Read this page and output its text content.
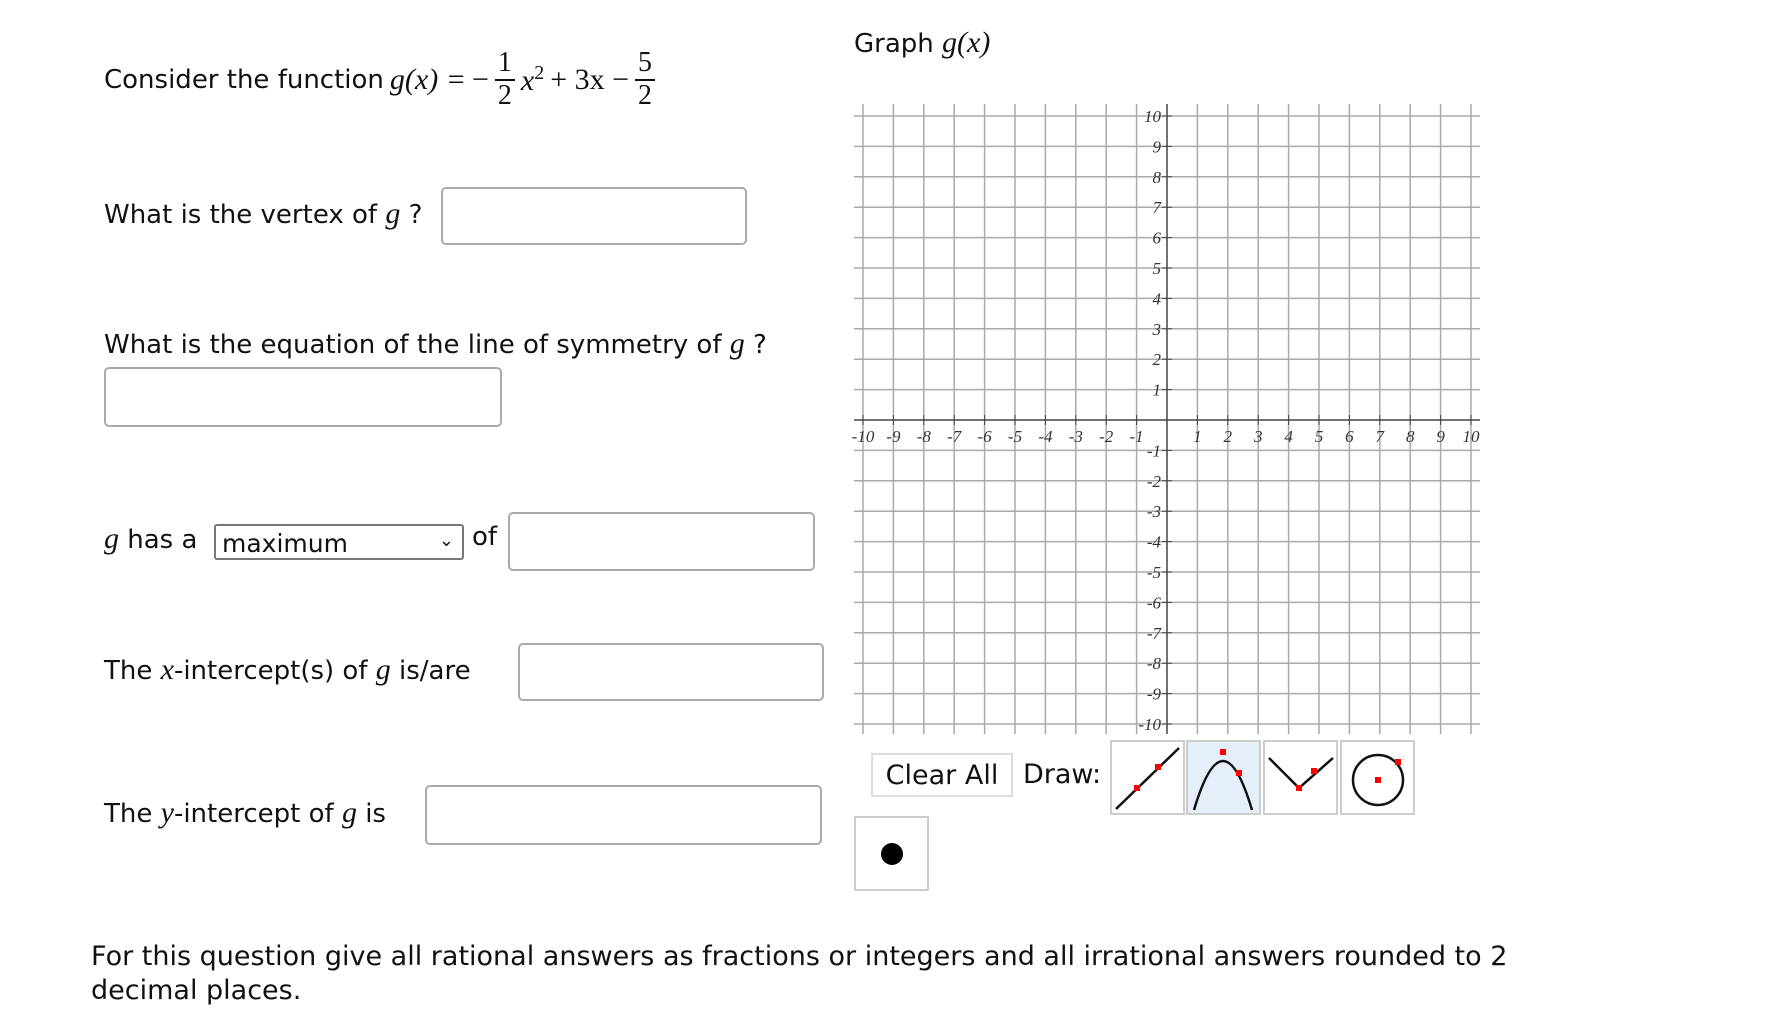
Consider the function g(x) = − $\frac{1}{2} x^2 + 3x - \frac{5}{2}$
What is the vertex of g ?
What is the equation of the line of symmetry of g ?
g has a maximum	⌄ of
The x-intercept(s) of g is/are
The y-intercept of g is
Graph g(x)
-10 -9 -8 -7 -6 -5 -4 -3 -2 -1	1 2 3 4 5 6 7 8 9 10
10
9
8
7
6
5
4
3
2
1
-1
-2
-3
-4
-5
-6
-7
-8
-9
-10
Clear All Draw:
For this question give all rational answers as fractions or integers and all irrational answers rounded to 2 decimal places.
